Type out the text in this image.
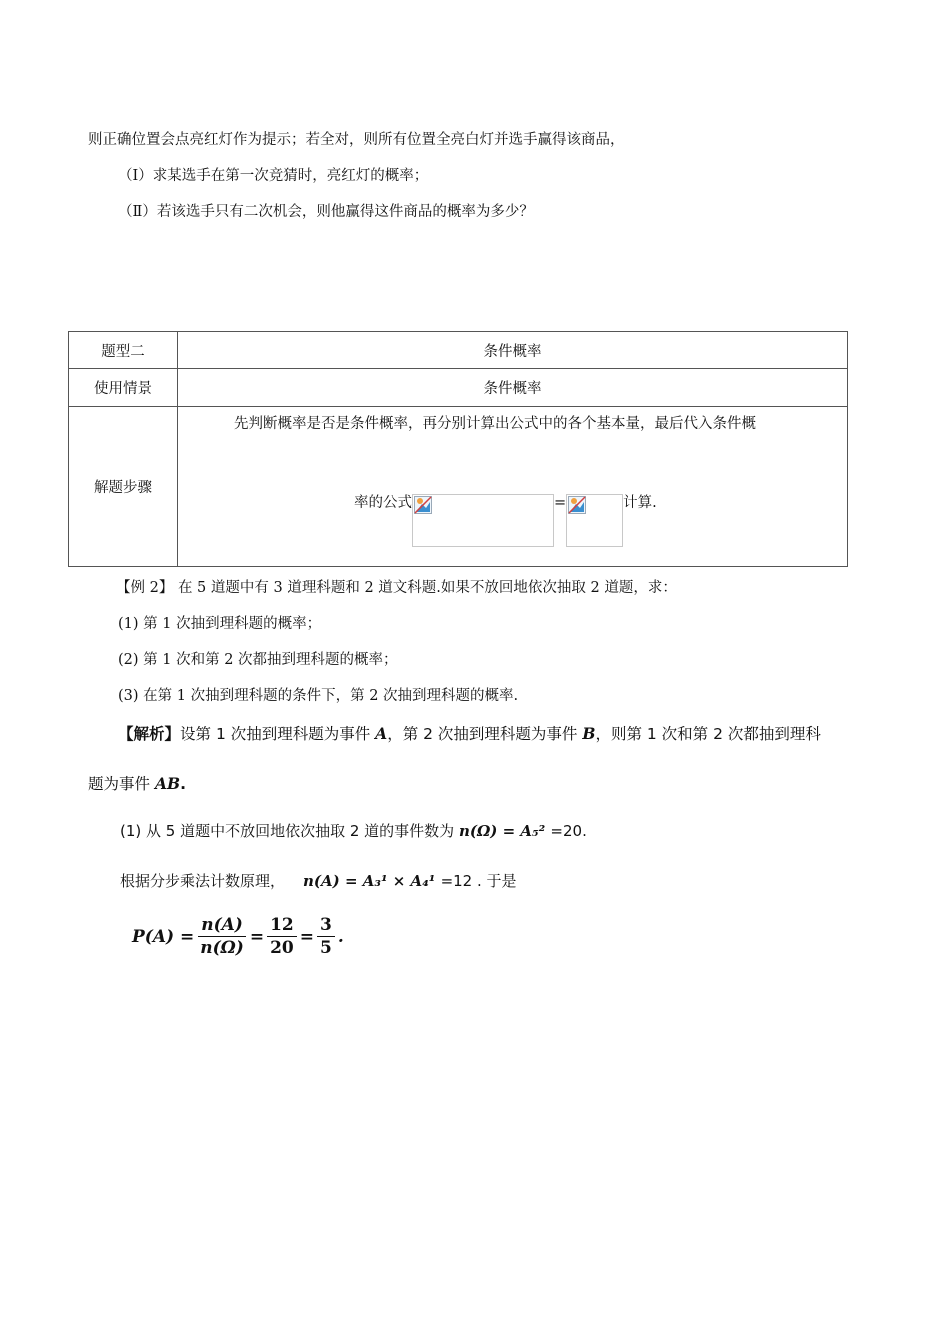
则正确位置会点亮红灯作为提示；若全对，则所有位置全亮白灯并选手赢得该商品，
（Ⅰ）求某选手在第一次竞猜时，亮红灯的概率；
（Ⅱ）若该选手只有二次机会，则他赢得这件商品的概率为多少？
题型二	条件概率
使用情景	条件概率
解题步骤	先判断概率是否是条件概率，再分别计算出公式中的各个基本量，最后代入条件概
率的公式 = 计算.
【例 2】 在 5 道题中有 3 道理科题和 2 道文科题.如果不放回地依次抽取 2 道题，求：
(1) 第 1 次抽到理科题的概率；
(2) 第 1 次和第 2 次都抽到理科题的概率；
(3) 在第 1 次抽到理科题的条件下，第 2 次抽到理科题的概率.
【解析】设第 1 次抽到理科题为事件 A，第 2 次抽到理科题为事件 B，则第 1 次和第 2 次都抽到理科
题为事件 AB.
(1) 从 5 道题中不放回地依次抽取 2 道的事件数为 n(Ω) = A₅² =20.
根据分步乘法计数原理， n(A) = A₃¹ × A₄¹ =12 . 于是
$P(A) = \frac{n(A)}{n(\Omega)} = \frac{12}{20} = \frac{3}{5}$ .
